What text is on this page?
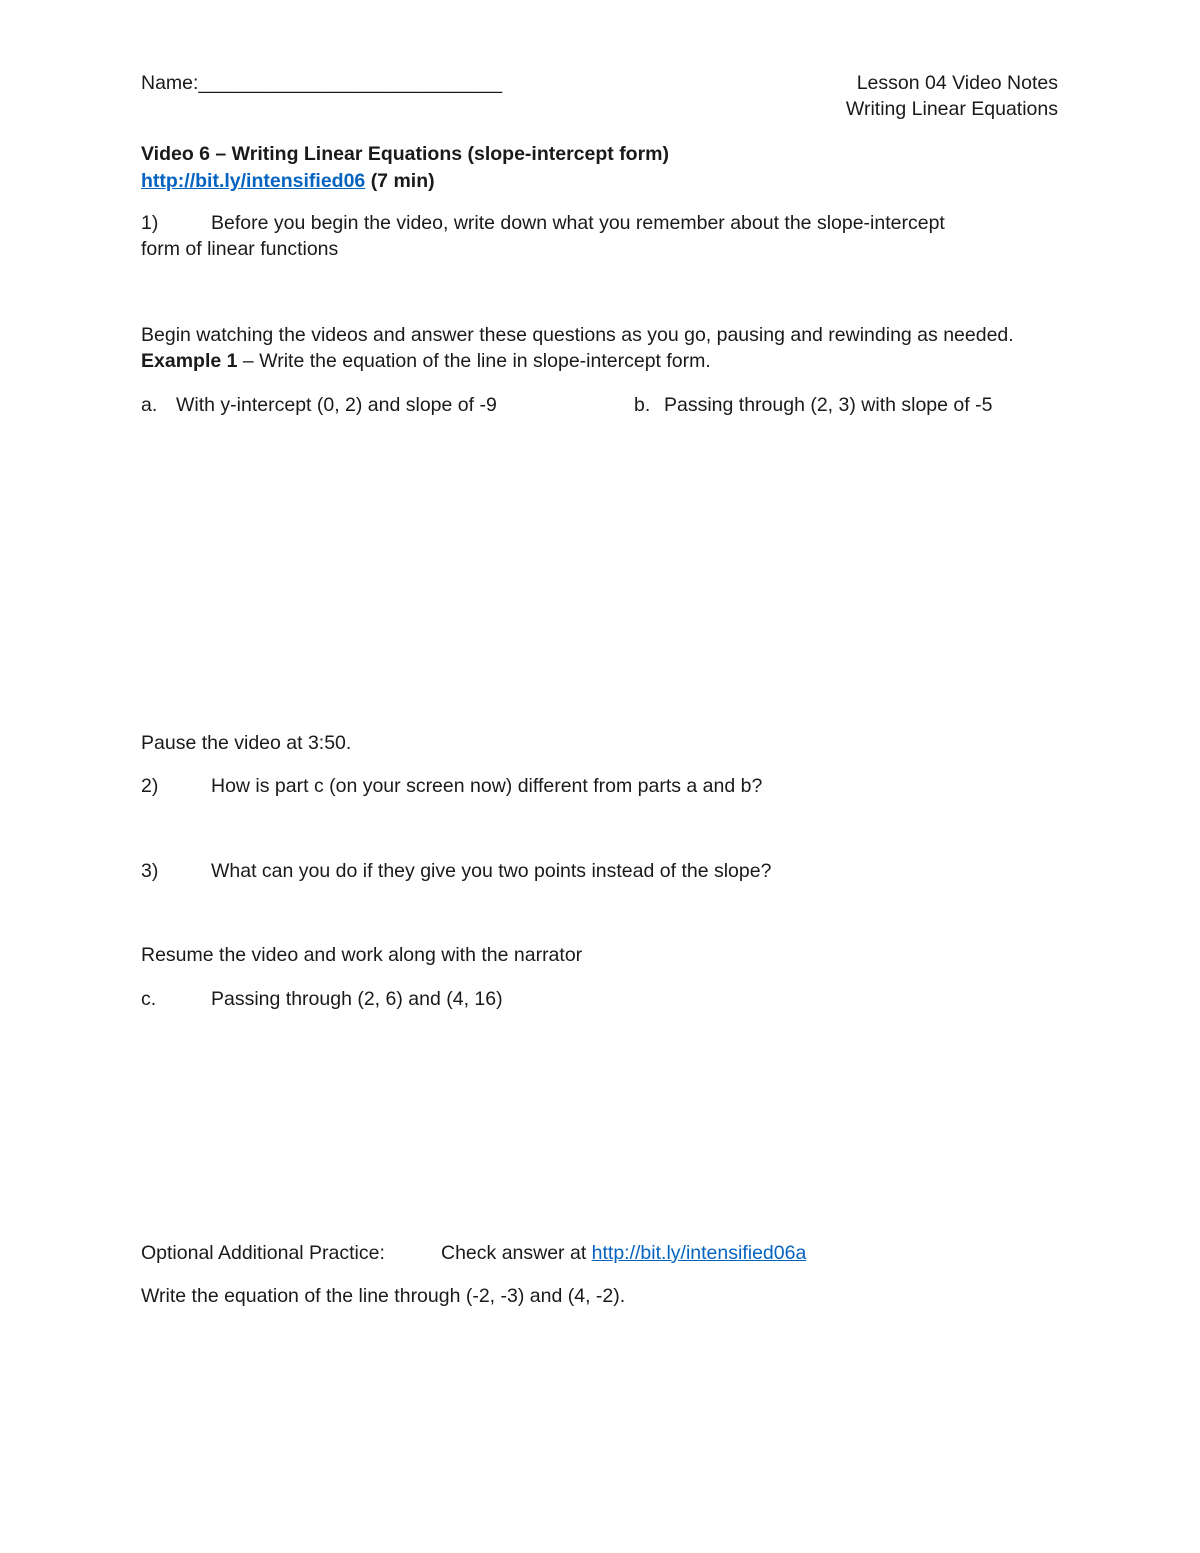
Name:____________________________	Lesson 04 Video Notes
Writing Linear Equations
Video 6 – Writing Linear Equations (slope-intercept form)
http://bit.ly/intensified06 (7 min)
1)	Before you begin the video, write down what you remember about the slope-intercept
form of linear functions
Begin watching the videos and answer these questions as you go, pausing and rewinding as needed.
Example 1 – Write the equation of the line in slope-intercept form.
a. With y-intercept (0, 2) and slope of -9	b. Passing through (2, 3) with slope of -5
Pause the video at 3:50.
2)	How is part c (on your screen now) different from parts a and b?
3)	What can you do if they give you two points instead of the slope?
Resume the video and work along with the narrator
c.	Passing through (2, 6) and (4, 16)
Optional Additional Practice:	Check answer at http://bit.ly/intensified06a
Write the equation of the line through (-2, -3) and (4, -2).
